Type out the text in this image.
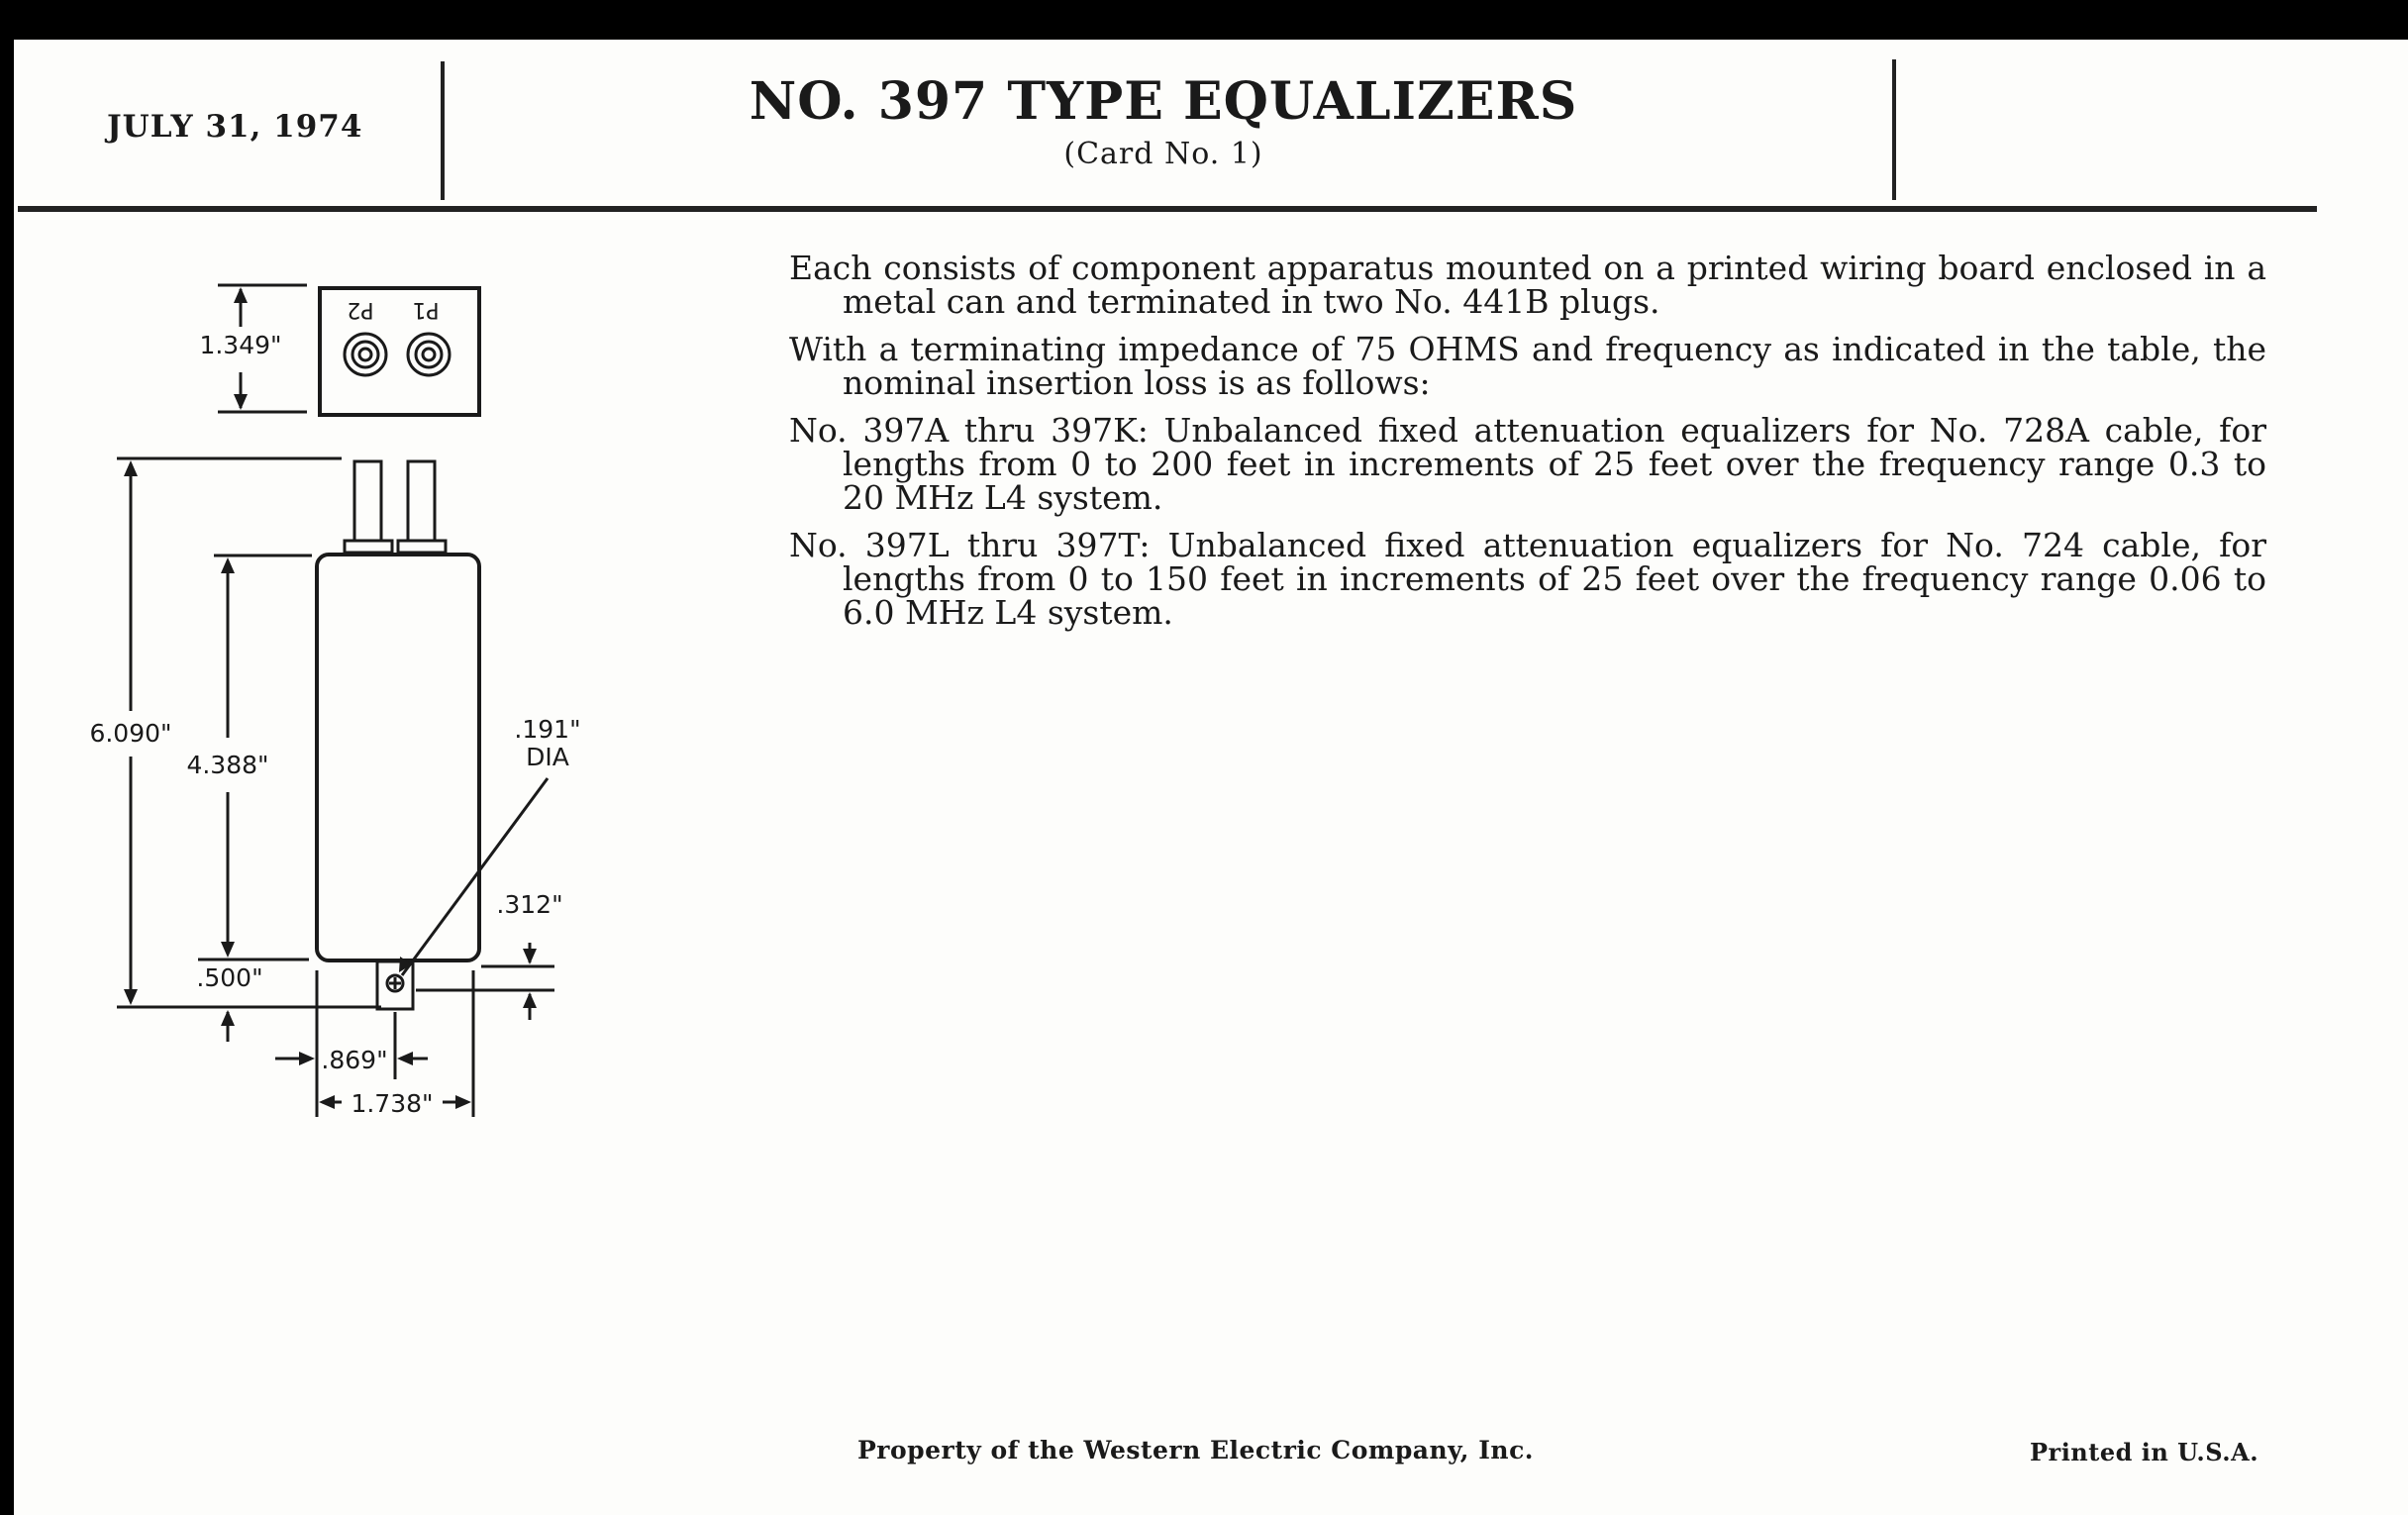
JULY 31, 1974	NO. 397 TYPE EQUALIZERS
(Card No. 1)
P2 P1
1.349"
6.090"
4.388"
.191"
DIA
.312"
.500"
.869"
1.738"

Each consists of component apparatus mounted on a printed wiring board enclosed in a metal can and terminated in two No. 441B plugs.

With a terminating impedance of 75 OHMS and frequency as indicated in the table, the nominal insertion loss is as follows:

No. 397A thru 397K: Unbalanced fixed attenuation equalizers for No. 728A cable, for lengths from 0 to 200 feet in increments of 25 feet over the frequency range 0.3 to 20 MHz L4 system.

No. 397L thru 397T: Unbalanced fixed attenuation equalizers for No. 724 cable, for lengths from 0 to 150 feet in increments of 25 feet over the frequency range 0.06 to 6.0 MHz L4 system.

Property of the Western Electric Company, Inc.	Printed in U.S.A.
